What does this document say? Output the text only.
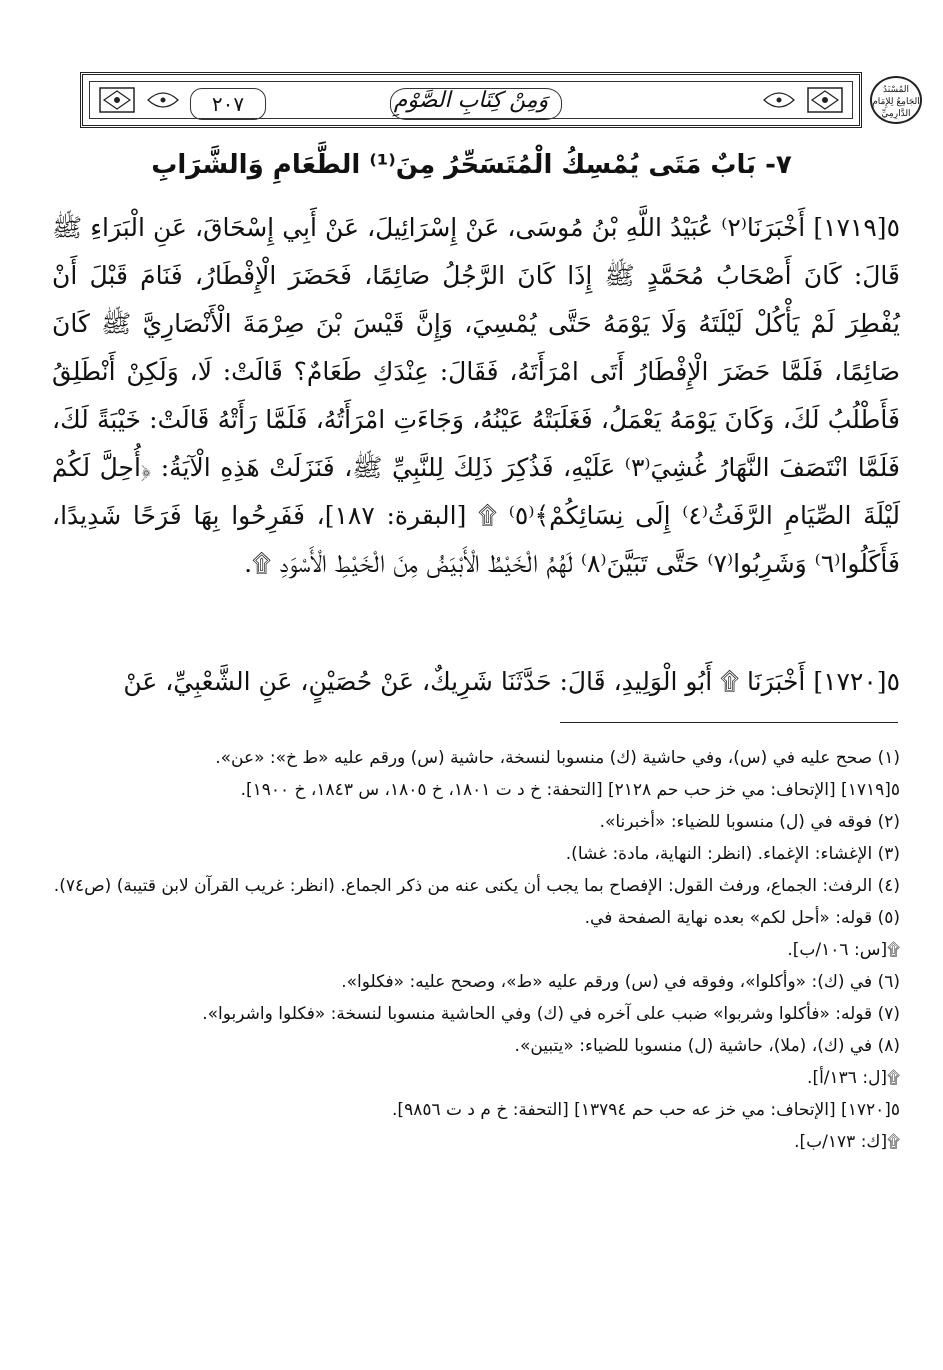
٢٠٧	وَمِنْ كِتَابِ الصَّوْمِ	المُسْنَدُ الجَامِعُ لِلإِمَامِ الدَّارِمِيِّ
٧- بَابٌ مَتَى يُمْسِكُ الْمُتَسَحِّرُ مِنَ⁽¹⁾ الطَّعَامِ وَالشَّرَابِ
٥[١٧١٩] أَخْبَرَنَا⁽٢⁾ عُبَيْدُ اللَّهِ بْنُ مُوسَى، عَنْ إِسْرَائِيلَ، عَنْ أَبِي إِسْحَاقَ، عَنِ الْبَرَاءِ ﷺ قَالَ: كَانَ أَصْحَابُ مُحَمَّدٍ ﷺ إِذَا كَانَ الرَّجُلُ صَائِمًا، فَحَضَرَ الْإِفْطَارُ، فَنَامَ قَبْلَ أَنْ يُفْطِرَ لَمْ يَأْكُلْ لَيْلَتَهُ وَلَا يَوْمَهُ حَتَّى يُمْسِيَ، وَإِنَّ قَيْسَ بْنَ صِرْمَةَ الْأَنْصَارِيَّ ﷺ كَانَ صَائِمًا، فَلَمَّا حَضَرَ الْإِفْطَارُ أَتَى امْرَأَتَهُ، فَقَالَ: عِنْدَكِ طَعَامٌ؟ قَالَتْ: لَا، وَلَكِنْ أَنْطَلِقُ فَأَطْلُبُ لَكَ، وَكَانَ يَوْمَهُ يَعْمَلُ، فَغَلَبَتْهُ عَيْنُهُ، وَجَاءَتِ امْرَأَتُهُ، فَلَمَّا رَأَتْهُ قَالَتْ: خَيْبَةً لَكَ، فَلَمَّا انْتَصَفَ النَّهَارُ غُشِيَ⁽٣⁾ عَلَيْهِ، فَذُكِرَ ذَلِكَ لِلنَّبِيِّ ﷺ، فَنَزَلَتْ هَذِهِ الْآيَةُ: ﴿أُحِلَّ لَكُمْ لَيْلَةَ الصِّيَامِ الرَّفَثُ⁽٤⁾ إِلَى نِسَائِكُمْ﴾⁽٥⁾ ۩ [البقرة: ١٨٧]، فَفَرِحُوا بِهَا فَرَحًا شَدِيدًا، فَأَكَلُوا⁽٦⁾ وَشَرِبُوا⁽٧⁾ حَتَّى تَبَيَّنَ⁽٨⁾ لَهُمُ الْخَيْطُ الْأَبْيَضُ مِنَ الْخَيْطِ الْأَسْوَدِ ۩.
٥[١٧٢٠] أَخْبَرَنَا ۩ أَبُو الْوَلِيدِ، قَالَ: حَدَّثَنَا شَرِيكٌ، عَنْ حُصَيْنٍ، عَنِ الشَّعْبِيِّ، عَنْ

(١) صحح عليه في (س)، وفي حاشية (ك) منسوبا لنسخة، حاشية (س) ورقم عليه «ط خ»: «عن».

٥[١٧١٩] [الإتحاف: مي خز حب حم ٢١٢٨] [التحفة: خ د ت ١٨٠١، خ ١٨٠٥، س ١٨٤٣، خ ١٩٠٠].

(٢) فوقه في (ل) منسوبا للضياء: «أخبرنا».

(٣) الإغشاء: الإغماء. (انظر: النهاية، مادة: غشا).

(٤) الرفث: الجماع، ورفث القول: الإفصاح بما يجب أن يكنى عنه من ذكر الجماع. (انظر: غريب القرآن لابن قتيبة) (ص٧٤).

(٥) قوله: «أحل لكم» بعده نهاية الصفحة في.

۩[س: ١٠٦/ب].

(٦) في (ك): «وأكلوا»، وفوقه في (س) ورقم عليه «ط»، وصحح عليه: «فكلوا».

(٧) قوله: «فأكلوا وشربوا» ضبب على آخره في (ك) وفي الحاشية منسوبا لنسخة: «فكلوا واشربوا».

(٨) في (ك)، (ملا)، حاشية (ل) منسوبا للضياء: «يتبين».

۩[ل: ١٣٦/أ].

٥[١٧٢٠] [الإتحاف: مي خز عه حب حم ١٣٧٩٤] [التحفة: خ م د ت ٩٨٥٦].

۩[ك: ١٧٣/ب].
